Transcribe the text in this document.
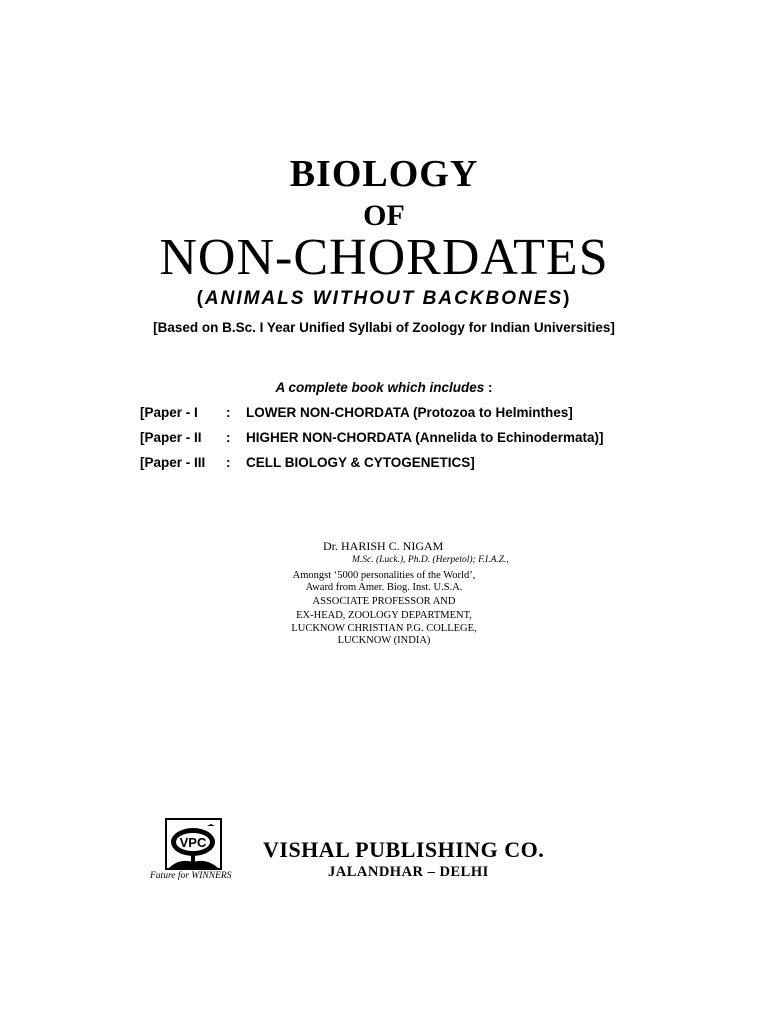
BIOLOGY
OF
NON-CHORDATES
(ANIMALS WITHOUT BACKBONES)
[Based on B.Sc. I Year Unified Syllabi of Zoology for Indian Universities]
A complete book which includes :
[Paper - I : LOWER NON-CHORDATA (Protozoa to Helminthes]
[Paper - II : HIGHER NON-CHORDATA (Annelida to Echinodermata)]
[Paper - III : CELL BIOLOGY & CYTOGENETICS]
Dr. HARISH C. NIGAM
M.Sc. (Luck.), Ph.D. (Herpetol); F.I.A.Z.,
Amongst ‘5000 personalities of the World’,
Award from Amer. Biog. Inst. U.S.A.
ASSOCIATE PROFESSOR AND
EX-HEAD, ZOOLOGY DEPARTMENT,
LUCKNOW CHRISTIAN P.G. COLLEGE,
LUCKNOW (INDIA)
VPC
Future for WINNERS
VISHAL PUBLISHING CO.
JALANDHAR – DELHI
